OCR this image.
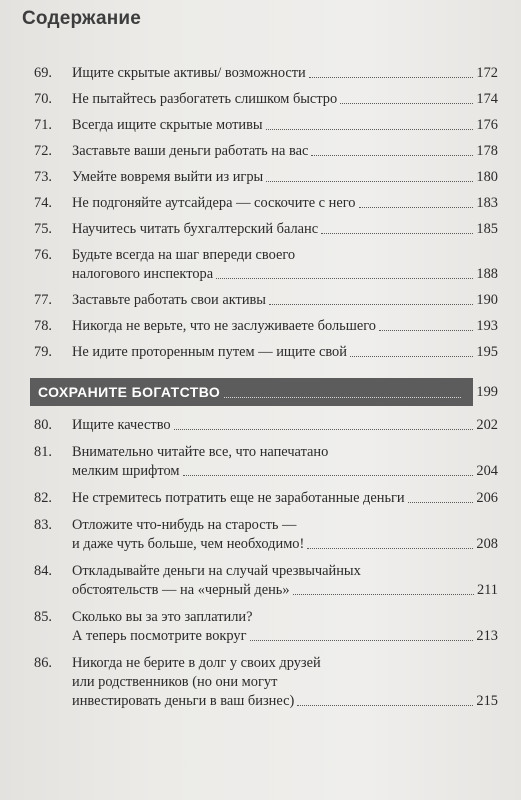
Содержание
69. Ищите скрытые активы/ возможности	172
70. Не пытайтесь разбогатеть слишком быстро	174
71. Всегда ищите скрытые мотивы	176
72. Заставьте ваши деньги работать на вас	178
73. Умейте вовремя выйти из игры	180
74. Не подгоняйте аутсайдера — соскочите с него	183
75. Научитесь читать бухгалтерский баланс	185
76. Будьте всегда на шаг впереди своего
налогового инспектора	188
77. Заставьте работать свои активы	190
78. Никогда не верьте, что не заслуживаете большего	193
79. Не идите проторенным путем — ищите свой	195
СОХРАНИТЕ БОГАТСТВО	199
80. Ищите качество	202
81. Внимательно читайте все, что напечатано
мелким шрифтом	204
82. Не стремитесь потратить еще не заработанные деньги	206
83. Отложите что-нибудь на старость —
и даже чуть больше, чем необходимо!	208
84. Откладывайте деньги на случай чрезвычайных
обстоятельств — на «черный день»	211
85. Сколько вы за это заплатили?
А теперь посмотрите вокруг	213
86. Никогда не берите в долг у своих друзей
или родственников (но они могут
инвестировать деньги в ваш бизнес)	215
